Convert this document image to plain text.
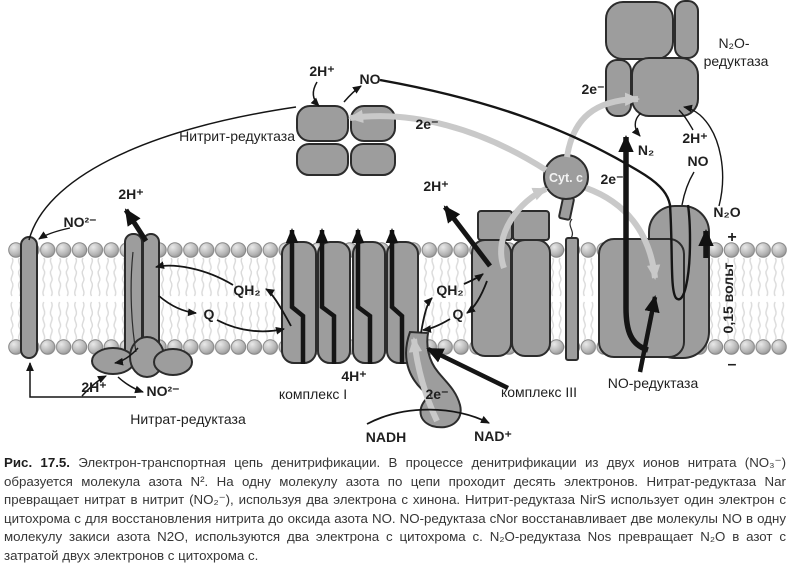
Нитрит-редуктаза
Нитрат-редуктаза
комплекс I	комплекс III
NO-редуктаза
N₂O-
редуктаза
Cyt. c
2H⁺
2H⁺	2H⁺
2H⁺
2H⁺
4H⁺
2e⁻
2e⁻
2e⁻
2e⁻
NO
NO
NO²⁻
NO²⁻
N₂O
N₂
QH₂
Q
QH₂
Q
NADH	NAD⁺
+
–
0,15 вольт
Рис. 17.5. Электрон-транспортная цепь денитрификации. В процессе денитрификации из двух ионов нитрата (NO₃⁻) образуется молекула азота N². На одну молекулу азота по цепи проходит десять электронов. Нитрат-редуктаза Nar превращает нитрат в нитрит (NO₂⁻), используя два электрона с хинона. Нитрит-редуктаза NirS использует один электрон с цитохрома с для восстановления нитрита до оксида азота NO. NO-редуктаза cNor восстанавливает две молекулы NO в одну молекулу закиси азота N2O, используются два электрона с цитохрома с. N₂O-редуктаза Nos превращает N₂O в азот с затратой двух электронов с цитохрома с.
